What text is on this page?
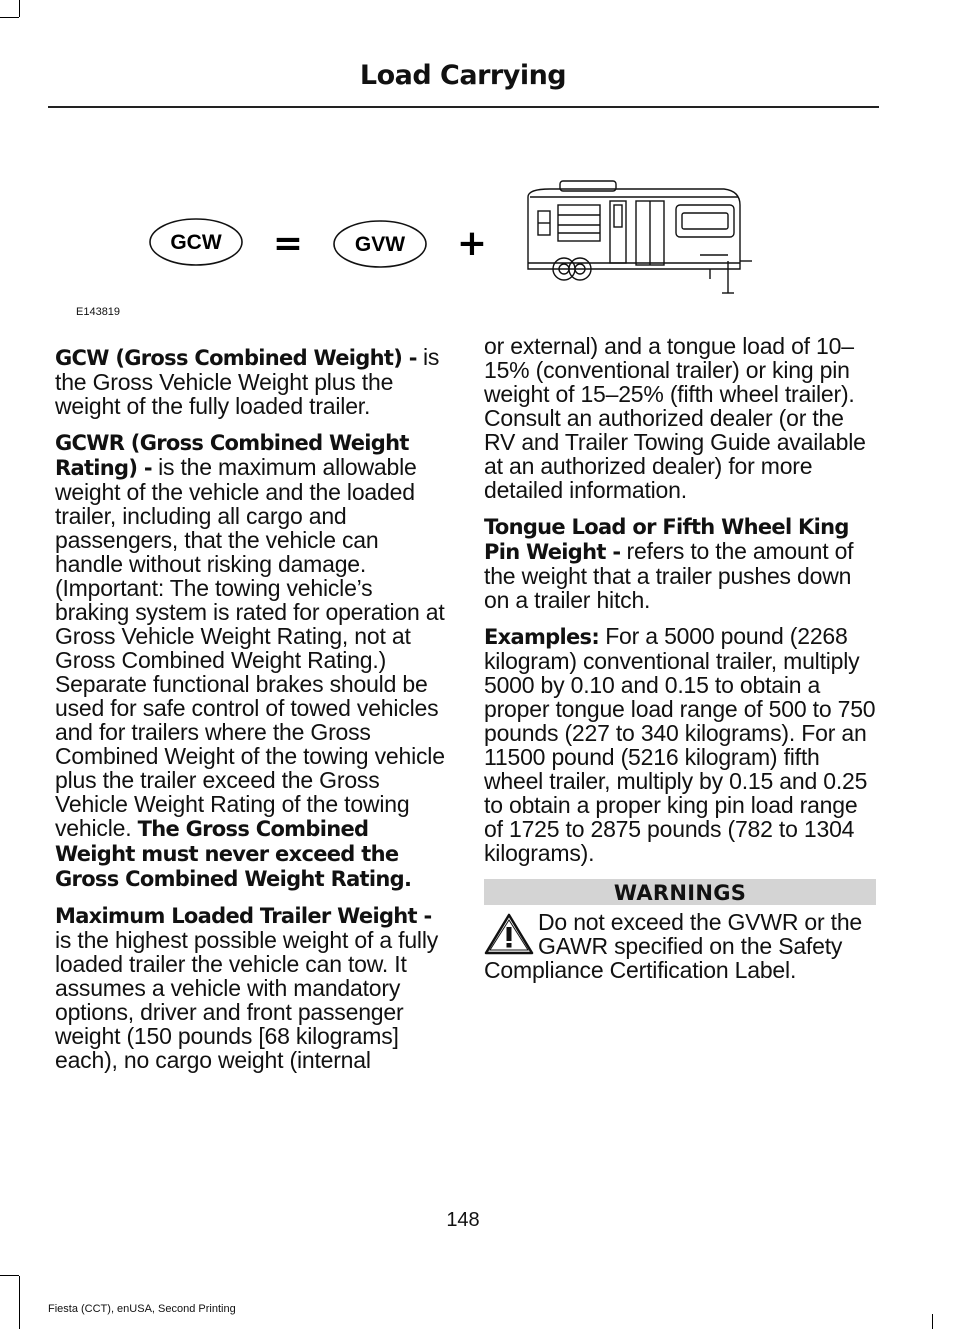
Load Carrying
GCW = GVW +
E143819

GCW (Gross Combined Weight) - is the Gross Vehicle Weight plus the weight of the fully loaded trailer.

GCWR (Gross Combined Weight Rating) - is the maximum allowable weight of the vehicle and the loaded trailer, including all cargo and passengers, that the vehicle can handle without risking damage. (Important: The towing vehicle’s braking system is rated for operation at Gross Vehicle Weight Rating, not at Gross Combined Weight Rating.) Separate functional brakes should be used for safe control of towed vehicles and for trailers where the Gross Combined Weight of the towing vehicle plus the trailer exceed the Gross Vehicle Weight Rating of the towing vehicle. The Gross Combined Weight must never exceed the Gross Combined Weight Rating.

Maximum Loaded Trailer Weight - is the highest possible weight of a fully loaded trailer the vehicle can tow. It assumes a vehicle with mandatory options, driver and front passenger weight (150 pounds [68 kilograms] each), no cargo weight (internal

or external) and a tongue load of 10–15% (conventional trailer) or king pin weight of 15–25% (fifth wheel trailer). Consult an authorized dealer (or the RV and Trailer Towing Guide available at an authorized dealer) for more detailed information.

Tongue Load or Fifth Wheel King Pin Weight - refers to the amount of the weight that a trailer pushes down on a trailer hitch.

Examples: For a 5000 pound (2268 kilogram) conventional trailer, multiply 5000 by 0.10 and 0.15 to obtain a proper tongue load range of 500 to 750 pounds (227 to 340 kilograms). For an 11500 pound (5216 kilogram) fifth wheel trailer, multiply by 0.15 and 0.25 to obtain a proper king pin load range of 1725 to 2875 pounds (782 to 1304 kilograms).

WARNINGS
Do not exceed the GVWR or the GAWR specified on the Safety Compliance Certification Label.
148
Fiesta (CCT), enUSA, Second Printing
